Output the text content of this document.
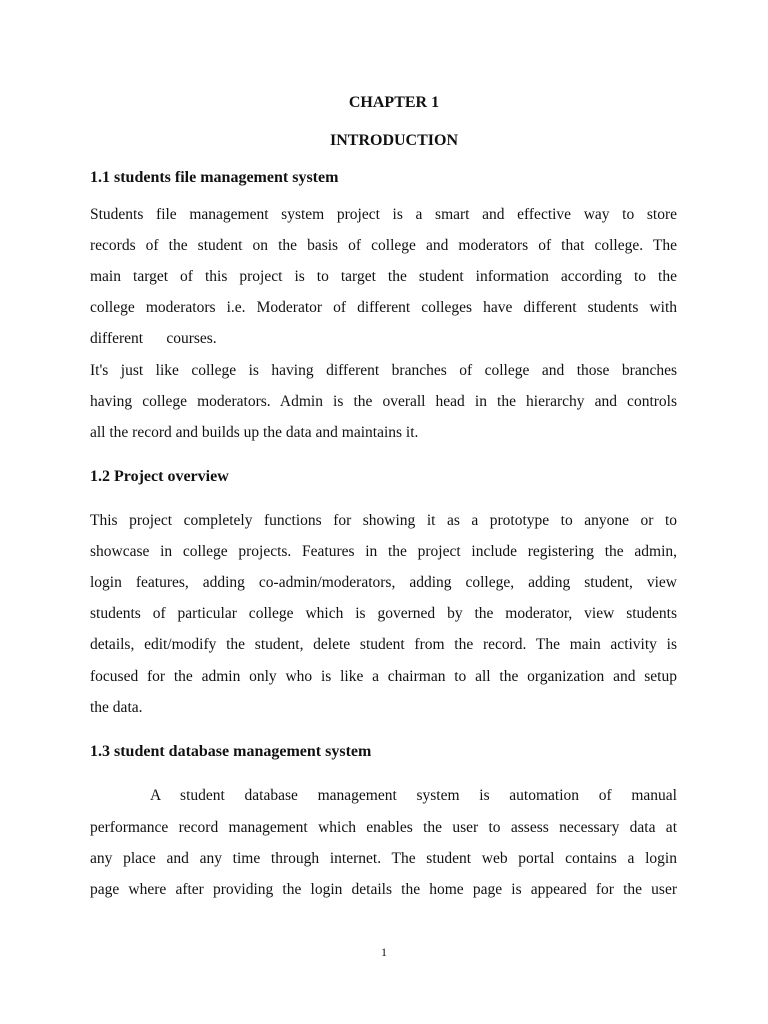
CHAPTER 1
INTRODUCTION
1.1 students file management system
Students file management system project is a smart and effective way to store
records of the student on the basis of college and moderators of that college. The
main target of this project is to target the student information according to the
college moderators i.e. Moderator of different colleges have different students with
different      courses.
It's just like college is having different branches of college and those branches
having college moderators. Admin is the overall head in the hierarchy and controls
all the record and builds up the data and maintains it.
1.2 Project overview
This project completely functions for showing it as a prototype to anyone or to
showcase in college projects. Features in the project include registering the admin,
login features, adding co-admin/moderators, adding college, adding student, view
students of particular college which is governed by the moderator, view students
details, edit/modify the student, delete student from the record. The main activity is
focused for the admin only who is like a chairman to all the organization and setup
the data.
1.3 student database management system
A student database management system is automation of manual
performance record management which enables the user to assess necessary data at
any place and any time through internet. The student web portal contains a login
page where after providing the login details the home page is appeared for the user
1
